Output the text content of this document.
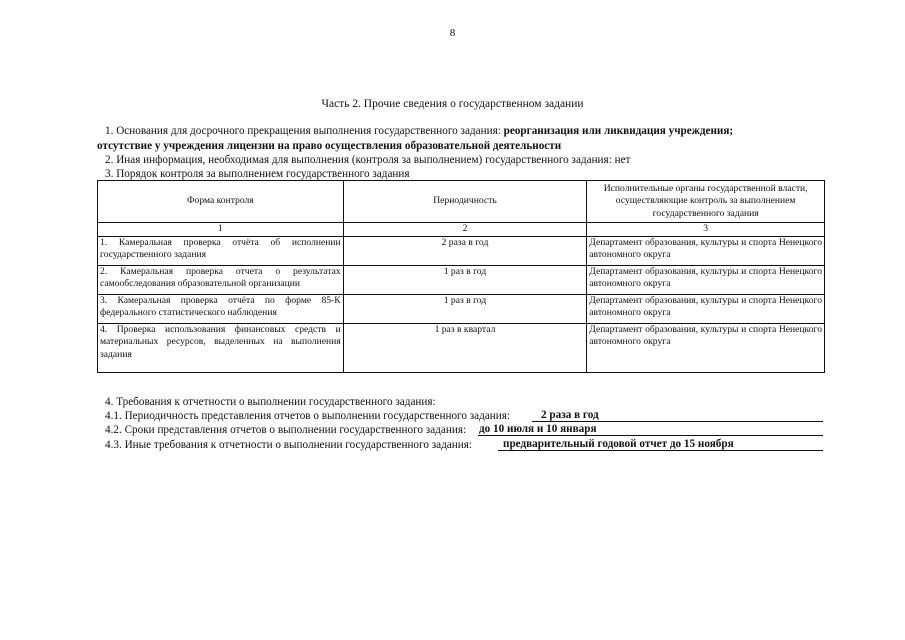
8
Часть 2. Прочие сведения о государственном задании
1. Основания для досрочного прекращения выполнения государственного задания: реорганизация или ликвидация учреждения;
отсутствие у учреждения лицензии на право осуществления образовательной деятельности
2. Иная информация, необходимая для выполнения (контроля за выполнением) государственного задания: нет
3. Порядок контроля за выполнением государственного задания
Форма контроля	Периодичность	Исполнительные органы государственной власти, осуществляющие контроль за выполнением государственного задания
1	2	3
1. Камеральная проверка отчёта об исполнении государственного задания	2 раза в год	Департамент образования, культуры и спорта Ненецкого автономного округа
2. Камеральная проверка отчета о результатах самообследования образовательной организации	1 раз в год	Департамент образования, культуры и спорта Ненецкого автономного округа
3. Камеральная проверка отчёта по форме 85-К федерального статистического наблюдения	1 раз в год	Департамент образования, культуры и спорта Ненецкого автономного округа
4. Проверка использования финансовых средств и материальных ресурсов, выделенных на выполнения задания	1 раз в квартал	Департамент образования, культуры и спорта Ненецкого автономного округа
4. Требования к отчетности о выполнении государственного задания:
4.1. Периодичность представления отчетов о выполнении государственного задания:	2 раза в год
4.2. Сроки представления отчетов о выполнении государственного задания: до 10 июля и 10 января
4.3. Иные требования к отчетности о выполнении государственного задания:	предварительный годовой отчет до 15 ноября
